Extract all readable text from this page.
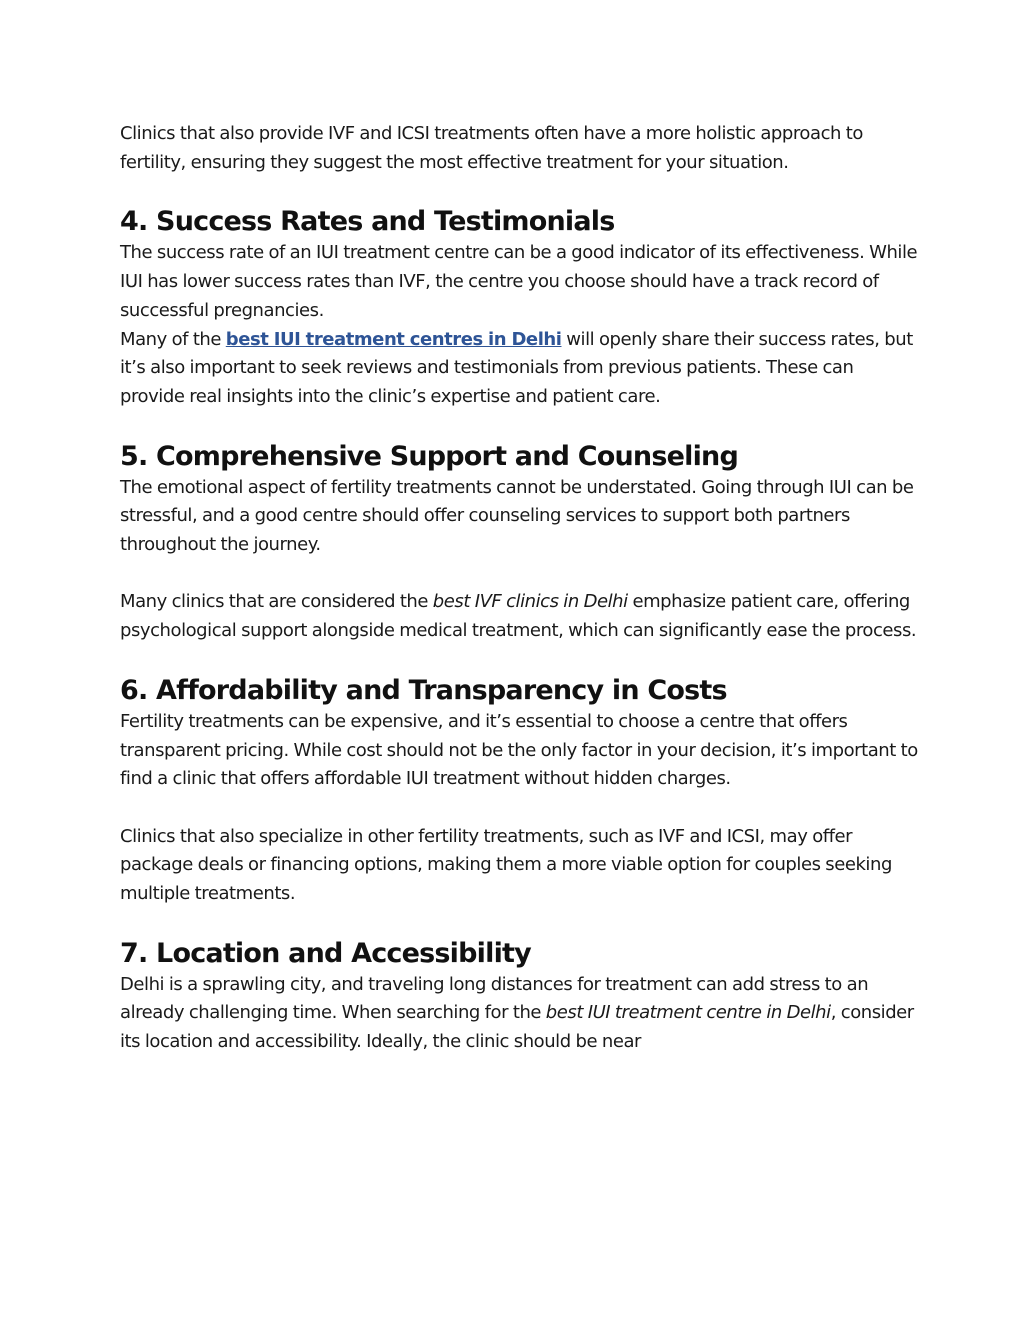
Clinics that also provide IVF and ICSI treatments often have a more holistic approach to fertility, ensuring they suggest the most effective treatment for your situation.

4. Success Rates and Testimonials

The success rate of an IUI treatment centre can be a good indicator of its effectiveness. While IUI has lower success rates than IVF, the centre you choose should have a track record of successful pregnancies.

Many of the best IUI treatment centres in Delhi will openly share their success rates, but it’s also important to seek reviews and testimonials from previous patients. These can provide real insights into the clinic’s expertise and patient care.

5. Comprehensive Support and Counseling

The emotional aspect of fertility treatments cannot be understated. Going through IUI can be stressful, and a good centre should offer counseling services to support both partners throughout the journey.

Many clinics that are considered the best IVF clinics in Delhi emphasize patient care, offering psychological support alongside medical treatment, which can significantly ease the process.

6. Affordability and Transparency in Costs

Fertility treatments can be expensive, and it’s essential to choose a centre that offers transparent pricing. While cost should not be the only factor in your decision, it’s important to find a clinic that offers affordable IUI treatment without hidden charges.

Clinics that also specialize in other fertility treatments, such as IVF and ICSI, may offer package deals or financing options, making them a more viable option for couples seeking multiple treatments.

7. Location and Accessibility

Delhi is a sprawling city, and traveling long distances for treatment can add stress to an already challenging time. When searching for the best IUI treatment centre in Delhi, consider its location and accessibility. Ideally, the clinic should be near
